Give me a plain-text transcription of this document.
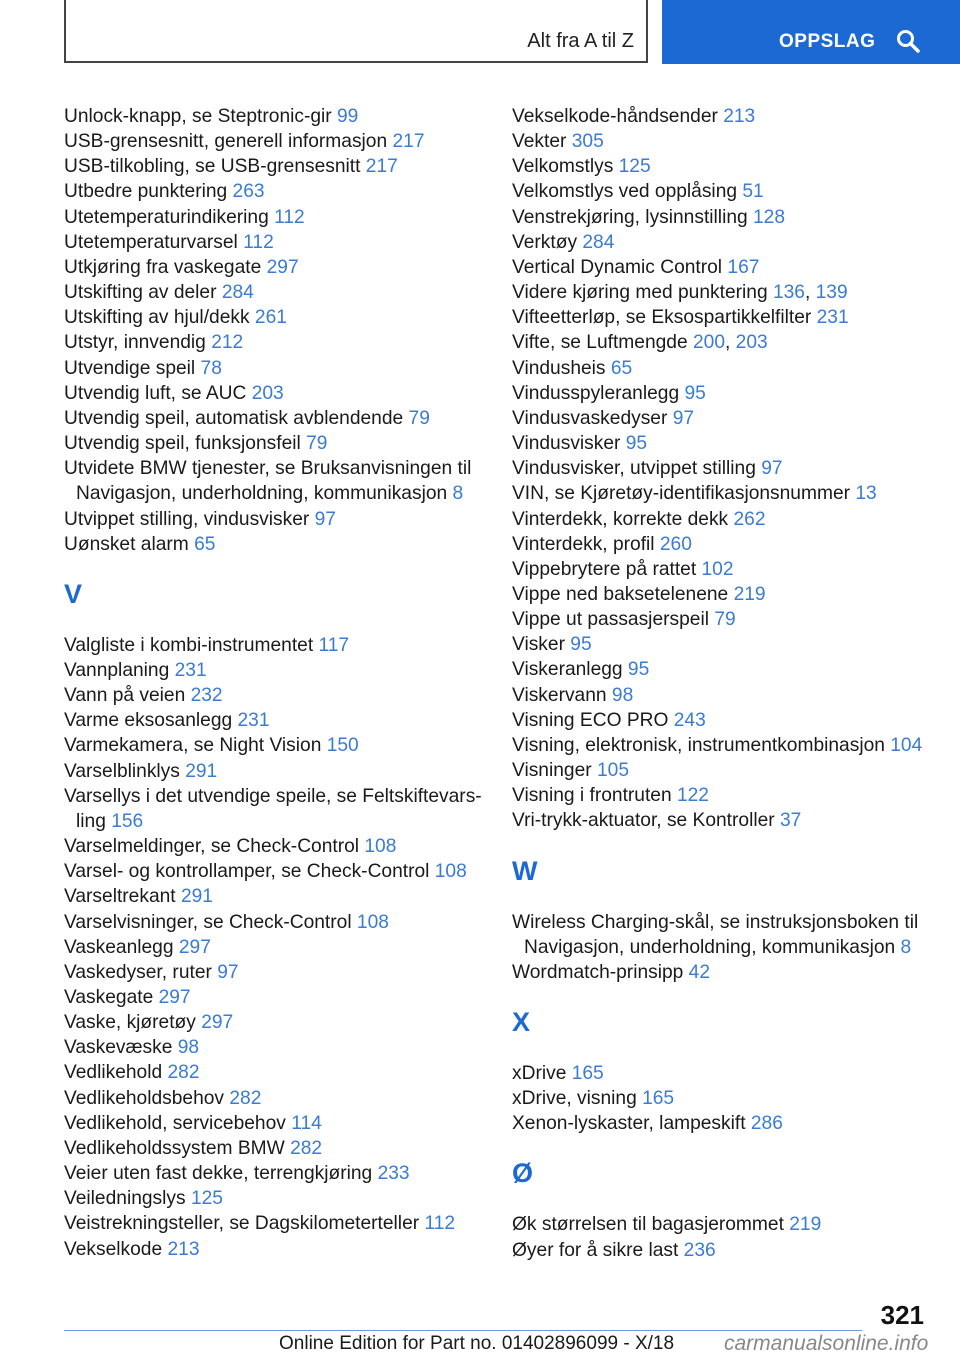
Alt fra A til Z	OPPSLAG
Unlock-knapp, se Steptronic-gir 99
USB-grensesnitt, generell informasjon 217
USB-tilkobling, se USB-grensesnitt 217
Utbedre punktering 263
Utetemperaturindikering 112
Utetemperaturvarsel 112
Utkjøring fra vaskegate 297
Utskifting av deler 284
Utskifting av hjul/dekk 261
Utstyr, innvendig 212
Utvendige speil 78
Utvendig luft, se AUC 203
Utvendig speil, automatisk avblendende 79
Utvendig speil, funksjonsfeil 79
Utvidete BMW tjenester, se Bruksanvisningen til
Navigasjon, underholdning, kommunikasjon 8
Utvippet stilling, vindusvisker 97
Uønsket alarm 65
V
Valgliste i kombi-instrumentet 117
Vannplaning 231
Vann på veien 232
Varme eksosanlegg 231
Varmekamera, se Night Vision 150
Varselblinklys 291
Varsellys i det utvendige speile, se Feltskiftevars‐
ling 156
Varselmeldinger, se Check-Control 108
Varsel- og kontrollamper, se Check-Control 108
Varseltrekant 291
Varselvisninger, se Check-Control 108
Vaskeanlegg 297
Vaskedyser, ruter 97
Vaskegate 297
Vaske, kjøretøy 297
Vaskevæske 98
Vedlikehold 282
Vedlikeholdsbehov 282
Vedlikehold, servicebehov 114
Vedlikeholdssystem BMW 282
Veier uten fast dekke, terrengkjøring 233
Veiledningslys 125
Veistrekningsteller, se Dagskilometerteller 112
Vekselkode 213
Vekselkode-håndsender 213
Vekter 305
Velkomstlys 125
Velkomstlys ved opplåsing 51
Venstrekjøring, lysinnstilling 128
Verktøy 284
Vertical Dynamic Control 167
Videre kjøring med punktering 136, 139
Vifteetterløp, se Eksospartikkelfilter 231
Vifte, se Luftmengde 200, 203
Vindusheis 65
Vindusspyleranlegg 95
Vindusvaskedyser 97
Vindusvisker 95
Vindusvisker, utvippet stilling 97
VIN, se Kjøretøy-identifikasjonsnummer 13
Vinterdekk, korrekte dekk 262
Vinterdekk, profil 260
Vippebrytere på rattet 102
Vippe ned baksetelenene 219
Vippe ut passasjerspeil 79
Visker 95
Viskeranlegg 95
Viskervann 98
Visning ECO PRO 243
Visning, elektronisk, instrumentkombinasjon 104
Visninger 105
Visning i frontruten 122
Vri-trykk-aktuator, se Kontroller 37
W
Wireless Charging-skål, se instruksjonsboken til
Navigasjon, underholdning, kommunikasjon 8
Wordmatch-prinsipp 42
X
xDrive 165
xDrive, visning 165
Xenon-lyskaster, lampeskift 286
Ø
Øk størrelsen til bagasjerommet 219
Øyer for å sikre last 236
321
Online Edition for Part no. 01402896099 - X/18 carmanualsonline.info
